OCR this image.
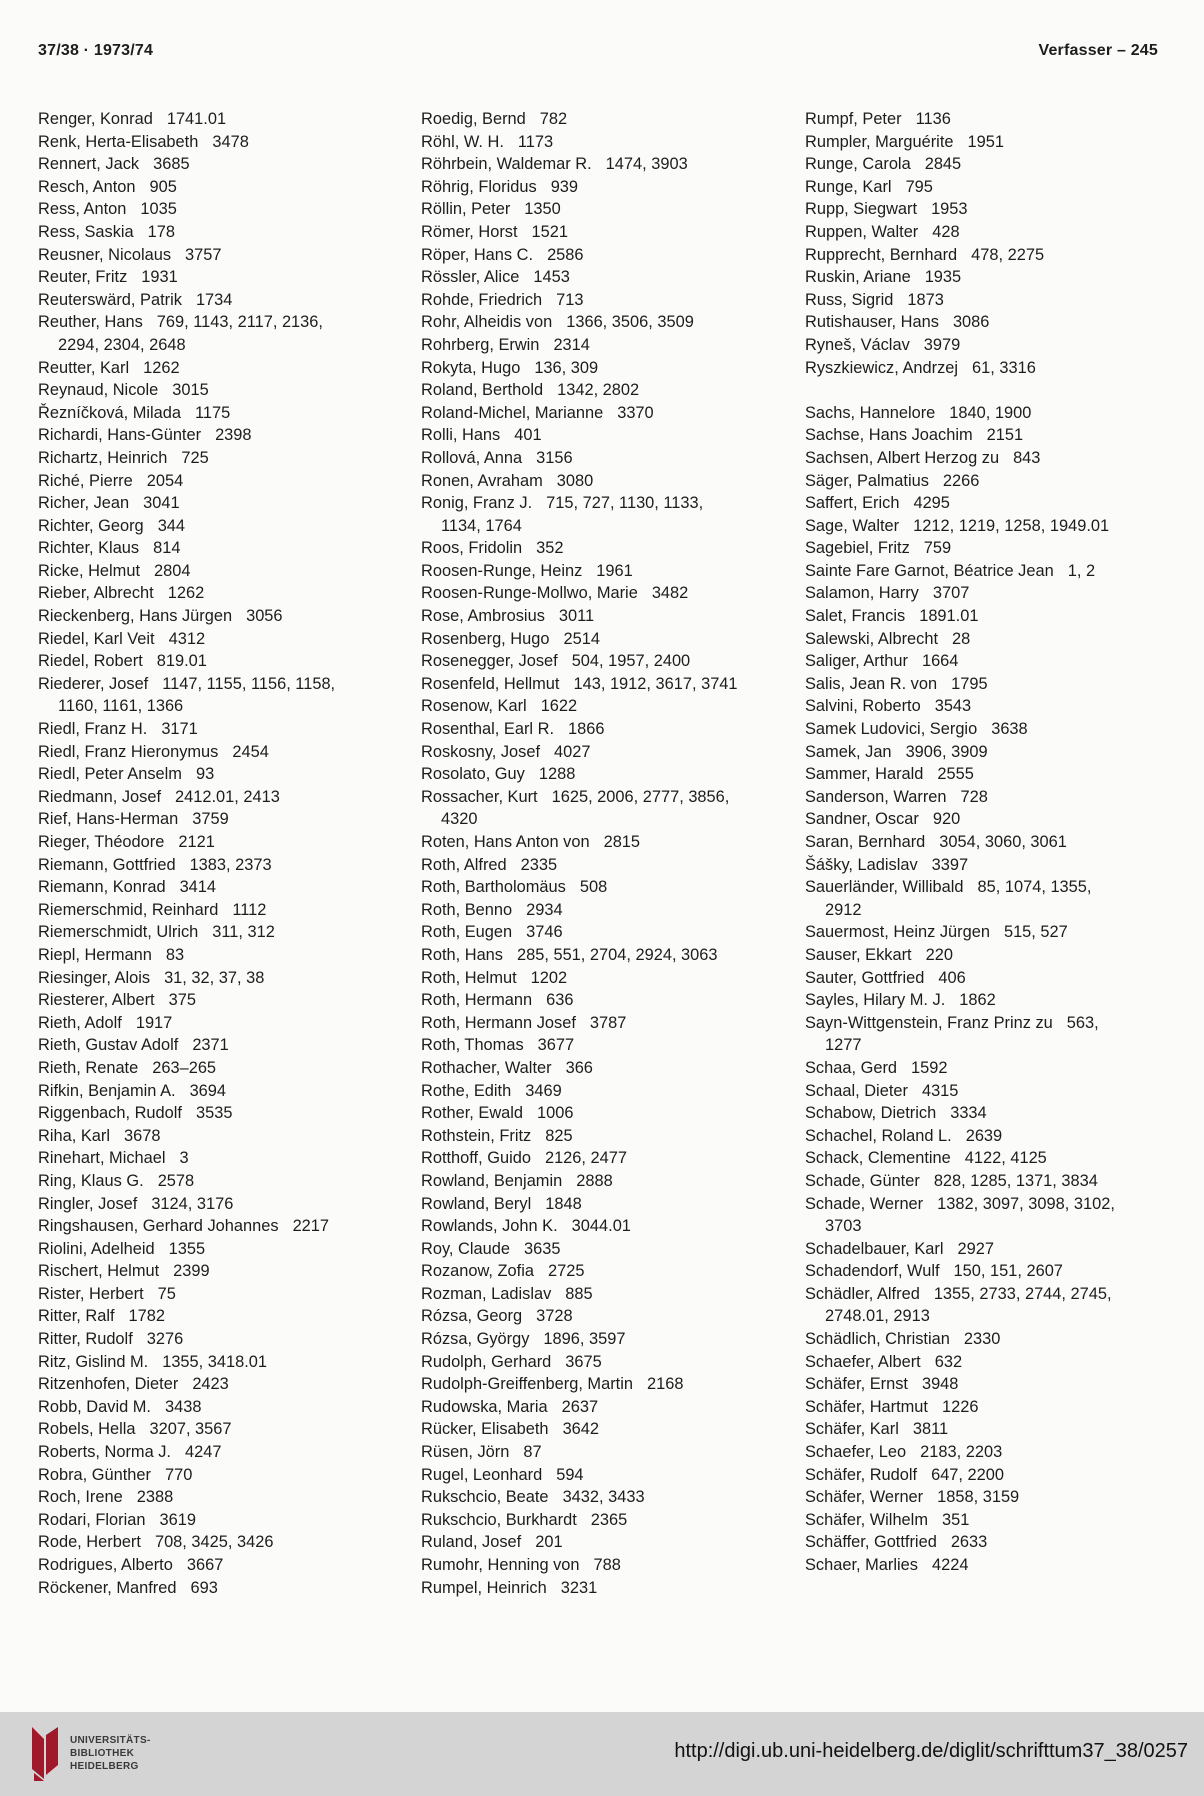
37/38 · 1973/74	Verfasser – 245
Renger, Konrad 1741.01
Renk, Herta-Elisabeth 3478
Rennert, Jack 3685
Resch, Anton 905
Ress, Anton 1035
Ress, Saskia 178
Reusner, Nicolaus 3757
Reuter, Fritz 1931
Reuterswärd, Patrik 1734
Reuther, Hans 769, 1143, 2117, 2136,
2294, 2304, 2648
Reutter, Karl 1262
Reynaud, Nicole 3015
Řezníčková, Milada 1175
Richardi, Hans-Günter 2398
Richartz, Heinrich 725
Riché, Pierre 2054
Richer, Jean 3041
Richter, Georg 344
Richter, Klaus 814
Ricke, Helmut 2804
Rieber, Albrecht 1262
Rieckenberg, Hans Jürgen 3056
Riedel, Karl Veit 4312
Riedel, Robert 819.01
Riederer, Josef 1147, 1155, 1156, 1158,
1160, 1161, 1366
Riedl, Franz H. 3171
Riedl, Franz Hieronymus 2454
Riedl, Peter Anselm 93
Riedmann, Josef 2412.01, 2413
Rief, Hans-Herman 3759
Rieger, Théodore 2121
Riemann, Gottfried 1383, 2373
Riemann, Konrad 3414
Riemerschmid, Reinhard 1112
Riemerschmidt, Ulrich 311, 312
Riepl, Hermann 83
Riesinger, Alois 31, 32, 37, 38
Riesterer, Albert 375
Rieth, Adolf 1917
Rieth, Gustav Adolf 2371
Rieth, Renate 263–265
Rifkin, Benjamin A. 3694
Riggenbach, Rudolf 3535
Riha, Karl 3678
Rinehart, Michael 3
Ring, Klaus G. 2578
Ringler, Josef 3124, 3176
Ringshausen, Gerhard Johannes 2217
Riolini, Adelheid 1355
Rischert, Helmut 2399
Rister, Herbert 75
Ritter, Ralf 1782
Ritter, Rudolf 3276
Ritz, Gislind M. 1355, 3418.01
Ritzenhofen, Dieter 2423
Robb, David M. 3438
Robels, Hella 3207, 3567
Roberts, Norma J. 4247
Robra, Günther 770
Roch, Irene 2388
Rodari, Florian 3619
Rode, Herbert 708, 3425, 3426
Rodrigues, Alberto 3667
Röckener, Manfred 693
Roedig, Bernd 782
Röhl, W. H. 1173
Röhrbein, Waldemar R. 1474, 3903
Röhrig, Floridus 939
Röllin, Peter 1350
Römer, Horst 1521
Röper, Hans C. 2586
Rössler, Alice 1453
Rohde, Friedrich 713
Rohr, Alheidis von 1366, 3506, 3509
Rohrberg, Erwin 2314
Rokyta, Hugo 136, 309
Roland, Berthold 1342, 2802
Roland-Michel, Marianne 3370
Rolli, Hans 401
Rollová, Anna 3156
Ronen, Avraham 3080
Ronig, Franz J. 715, 727, 1130, 1133,
1134, 1764
Roos, Fridolin 352
Roosen-Runge, Heinz 1961
Roosen-Runge-Mollwo, Marie 3482
Rose, Ambrosius 3011
Rosenberg, Hugo 2514
Rosenegger, Josef 504, 1957, 2400
Rosenfeld, Hellmut 143, 1912, 3617, 3741
Rosenow, Karl 1622
Rosenthal, Earl R. 1866
Roskosny, Josef 4027
Rosolato, Guy 1288
Rossacher, Kurt 1625, 2006, 2777, 3856,
4320
Roten, Hans Anton von 2815
Roth, Alfred 2335
Roth, Bartholomäus 508
Roth, Benno 2934
Roth, Eugen 3746
Roth, Hans 285, 551, 2704, 2924, 3063
Roth, Helmut 1202
Roth, Hermann 636
Roth, Hermann Josef 3787
Roth, Thomas 3677
Rothacher, Walter 366
Rothe, Edith 3469
Rother, Ewald 1006
Rothstein, Fritz 825
Rotthoff, Guido 2126, 2477
Rowland, Benjamin 2888
Rowland, Beryl 1848
Rowlands, John K. 3044.01
Roy, Claude 3635
Rozanow, Zofia 2725
Rozman, Ladislav 885
Rózsa, Georg 3728
Rózsa, György 1896, 3597
Rudolph, Gerhard 3675
Rudolph-Greiffenberg, Martin 2168
Rudowska, Maria 2637
Rücker, Elisabeth 3642
Rüsen, Jörn 87
Rugel, Leonhard 594
Rukschcio, Beate 3432, 3433
Rukschcio, Burkhardt 2365
Ruland, Josef 201
Rumohr, Henning von 788
Rumpel, Heinrich 3231
Rumpf, Peter 1136
Rumpler, Marguérite 1951
Runge, Carola 2845
Runge, Karl 795
Rupp, Siegwart 1953
Ruppen, Walter 428
Rupprecht, Bernhard 478, 2275
Ruskin, Ariane 1935
Russ, Sigrid 1873
Rutishauser, Hans 3086
Ryneš, Václav 3979
Ryszkiewicz, Andrzej 61, 3316
Sachs, Hannelore 1840, 1900
Sachse, Hans Joachim 2151
Sachsen, Albert Herzog zu 843
Säger, Palmatius 2266
Saffert, Erich 4295
Sage, Walter 1212, 1219, 1258, 1949.01
Sagebiel, Fritz 759
Sainte Fare Garnot, Béatrice Jean 1, 2
Salamon, Harry 3707
Salet, Francis 1891.01
Salewski, Albrecht 28
Saliger, Arthur 1664
Salis, Jean R. von 1795
Salvini, Roberto 3543
Samek Ludovici, Sergio 3638
Samek, Jan 3906, 3909
Sammer, Harald 2555
Sanderson, Warren 728
Sandner, Oscar 920
Saran, Bernhard 3054, 3060, 3061
Šášky, Ladislav 3397
Sauerländer, Willibald 85, 1074, 1355,
2912
Sauermost, Heinz Jürgen 515, 527
Sauser, Ekkart 220
Sauter, Gottfried 406
Sayles, Hilary M. J. 1862
Sayn-Wittgenstein, Franz Prinz zu 563,
1277
Schaa, Gerd 1592
Schaal, Dieter 4315
Schabow, Dietrich 3334
Schachel, Roland L. 2639
Schack, Clementine 4122, 4125
Schade, Günter 828, 1285, 1371, 3834
Schade, Werner 1382, 3097, 3098, 3102,
3703
Schadelbauer, Karl 2927
Schadendorf, Wulf 150, 151, 2607
Schädler, Alfred 1355, 2733, 2744, 2745,
2748.01, 2913
Schädlich, Christian 2330
Schaefer, Albert 632
Schäfer, Ernst 3948
Schäfer, Hartmut 1226
Schäfer, Karl 3811
Schaefer, Leo 2183, 2203
Schäfer, Rudolf 647, 2200
Schäfer, Werner 1858, 3159
Schäfer, Wilhelm 351
Schäffer, Gottfried 2633
Schaer, Marlies 4224
UNIVERSITÄTS-
BIBLIOTHEK
HEIDELBERG
http://digi.ub.uni-heidelberg.de/diglit/schrifttum37_38/0257
